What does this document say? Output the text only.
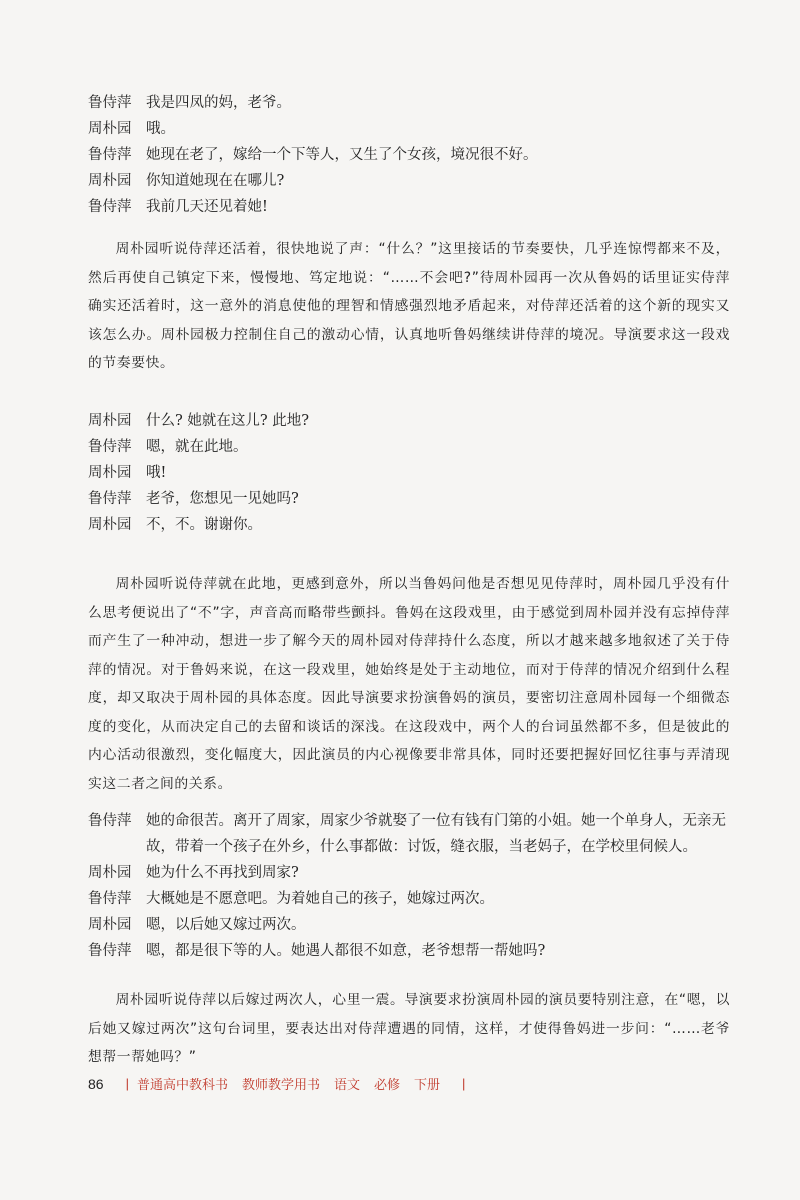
鲁侍萍	我是四凤的妈，老爷。
周朴园	哦。
鲁侍萍	她现在老了，嫁给一个下等人，又生了个女孩，境况很不好。
周朴园	你知道她现在在哪儿?
鲁侍萍	我前几天还见着她!

周朴园听说侍萍还活着，很快地说了声：“什么？”这里接话的节奏要快，几乎连惊愕都来不及，然后再使自己镇定下来，慢慢地、笃定地说：“……不会吧?”待周朴园再一次从鲁妈的话里证实侍萍确实还活着时，这一意外的消息使他的理智和情感强烈地矛盾起来，对侍萍还活着的这个新的现实又该怎么办。周朴园极力控制住自己的激动心情，认真地听鲁妈继续讲侍萍的境况。导演要求这一段戏的节奏要快。

周朴园	什么? 她就在这儿? 此地?
鲁侍萍	嗯，就在此地。
周朴园	哦!
鲁侍萍	老爷，您想见一见她吗?
周朴园	不，不。谢谢你。

周朴园听说侍萍就在此地，更感到意外，所以当鲁妈问他是否想见见侍萍时，周朴园几乎没有什么思考便说出了“不”字，声音高而略带些颤抖。鲁妈在这段戏里，由于感觉到周朴园并没有忘掉侍萍而产生了一种冲动，想进一步了解今天的周朴园对侍萍持什么态度，所以才越来越多地叙述了关于侍萍的情况。对于鲁妈来说，在这一段戏里，她始终是处于主动地位，而对于侍萍的情况介绍到什么程度，却又取决于周朴园的具体态度。因此导演要求扮演鲁妈的演员，要密切注意周朴园每一个细微态度的变化，从而决定自己的去留和谈话的深浅。在这段戏中，两个人的台词虽然都不多，但是彼此的内心活动很激烈，变化幅度大，因此演员的内心视像要非常具体，同时还要把握好回忆往事与弄清现实这二者之间的关系。

鲁侍萍	她的命很苦。离开了周家，周家少爷就娶了一位有钱有门第的小姐。她一个单身人，无亲无故，带着一个孩子在外乡，什么事都做：讨饭，缝衣服，当老妈子，在学校里伺候人。
周朴园	她为什么不再找到周家?
鲁侍萍	大概她是不愿意吧。为着她自己的孩子，她嫁过两次。
周朴园	嗯，以后她又嫁过两次。
鲁侍萍	嗯，都是很下等的人。她遇人都很不如意，老爷想帮一帮她吗?

周朴园听说侍萍以后嫁过两次人，心里一震。导演要求扮演周朴园的演员要特别注意，在“嗯，以后她又嫁过两次”这句台词里，要表达出对侍萍遭遇的同情，这样，才使得鲁妈进一步问：“……老爷想帮一帮她吗？”

86 | 普通高中教科书 教师教学用书 语文 必修 下册	|
